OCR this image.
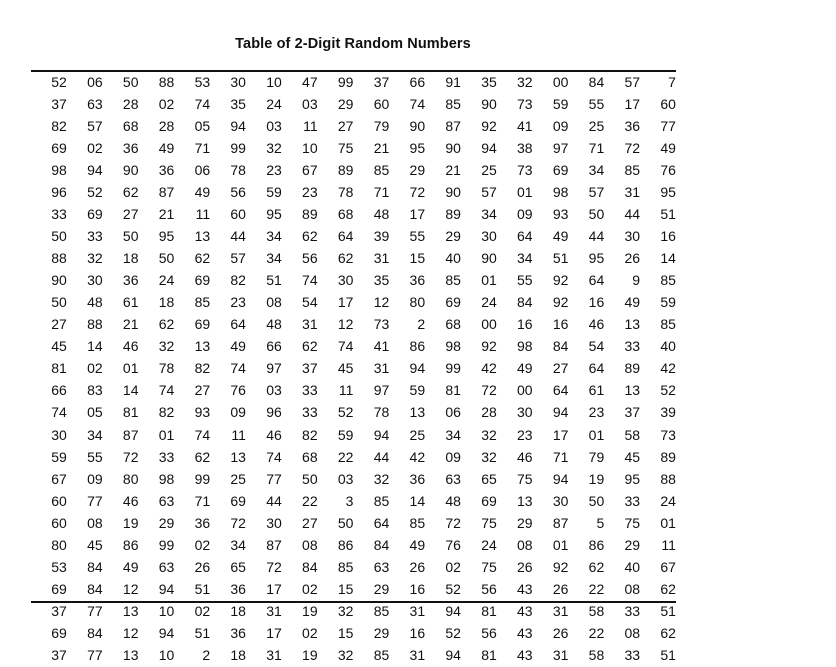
Table of 2-Digit Random Numbers
52	06	50	88	53	30	10	47	99	37	66	91	35	32	00	84	57	7
37	63	28	02	74	35	24	03	29	60	74	85	90	73	59	55	17	60
82	57	68	28	05	94	03	11	27	79	90	87	92	41	09	25	36	77
69	02	36	49	71	99	32	10	75	21	95	90	94	38	97	71	72	49
98	94	90	36	06	78	23	67	89	85	29	21	25	73	69	34	85	76
96	52	62	87	49	56	59	23	78	71	72	90	57	01	98	57	31	95
33	69	27	21	11	60	95	89	68	48	17	89	34	09	93	50	44	51
50	33	50	95	13	44	34	62	64	39	55	29	30	64	49	44	30	16
88	32	18	50	62	57	34	56	62	31	15	40	90	34	51	95	26	14
90	30	36	24	69	82	51	74	30	35	36	85	01	55	92	64	9	85
50	48	61	18	85	23	08	54	17	12	80	69	24	84	92	16	49	59
27	88	21	62	69	64	48	31	12	73	2	68	00	16	16	46	13	85
45	14	46	32	13	49	66	62	74	41	86	98	92	98	84	54	33	40
81	02	01	78	82	74	97	37	45	31	94	99	42	49	27	64	89	42
66	83	14	74	27	76	03	33	11	97	59	81	72	00	64	61	13	52
74	05	81	82	93	09	96	33	52	78	13	06	28	30	94	23	37	39
30	34	87	01	74	11	46	82	59	94	25	34	32	23	17	01	58	73
59	55	72	33	62	13	74	68	22	44	42	09	32	46	71	79	45	89
67	09	80	98	99	25	77	50	03	32	36	63	65	75	94	19	95	88
60	77	46	63	71	69	44	22	3	85	14	48	69	13	30	50	33	24
60	08	19	29	36	72	30	27	50	64	85	72	75	29	87	5	75	01
80	45	86	99	02	34	87	08	86	84	49	76	24	08	01	86	29	11
53	84	49	63	26	65	72	84	85	63	26	02	75	26	92	62	40	67
69	84	12	94	51	36	17	02	15	29	16	52	56	43	26	22	08	62
37	77	13	10	02	18	31	19	32	85	31	94	81	43	31	58	33	51
69	84	12	94	51	36	17	02	15	29	16	52	56	43	26	22	08	62
37	77	13	10	2	18	31	19	32	85	31	94	81	43	31	58	33	51
